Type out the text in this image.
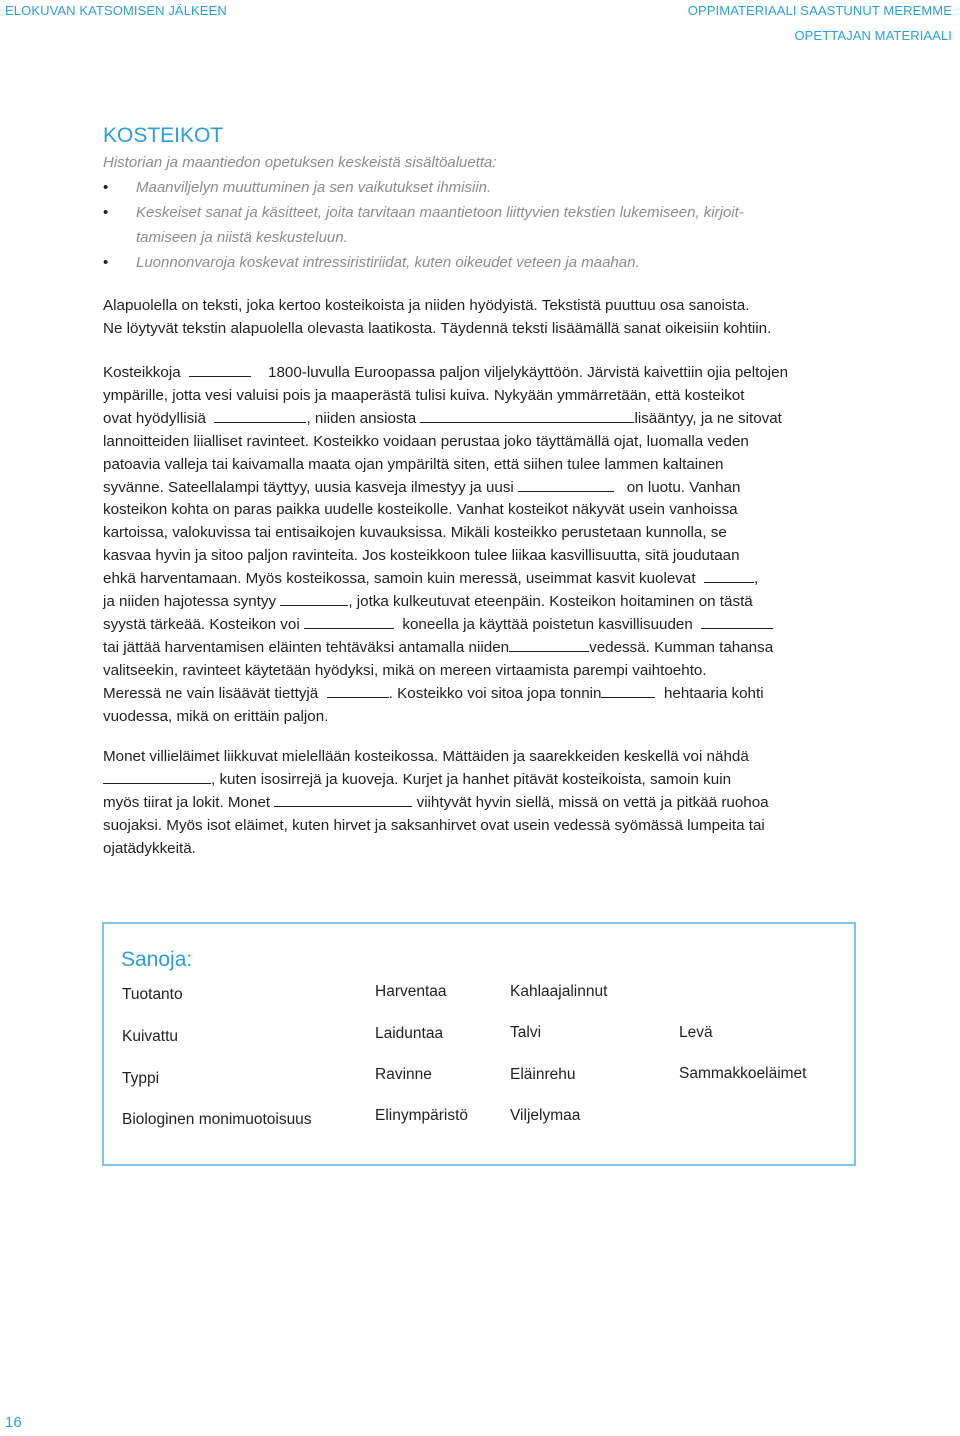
ELOKUVAN KATSOMISEN JÄLKEEN	OPPIMATERIAALI SAASTUNUT MEREMME
OPETTAJAN MATERIAALI
KOSTEIKOT
Historian ja maantiedon opetuksen keskeistä sisältöaluetta:
• Maanviljelyn muuttuminen ja sen vaikutukset ihmisiin.
• Keskeiset sanat ja käsitteet, joita tarvitaan maantietoon liittyvien tekstien lukemiseen, kirjoit-
tamiseen ja niistä keskusteluun.
• Luonnonvaroja koskevat intressiristiriidat, kuten oikeudet veteen ja maahan.
Alapuolella on teksti, joka kertoo kosteikoista ja niiden hyödyistä. Tekstistä puuttuu osa sanoista.
Ne löytyvät tekstin alapuolella olevasta laatikosta. Täydennä teksti lisäämällä sanat oikeisiin kohtiin.
Kosteikkoja	1800-luvulla Euroopassa paljon viljelykäyttöön. Järvistä kaivettiin ojia peltojen
ympärille, jotta vesi valuisi pois ja maaperästä tulisi kuiva. Nykyään ymmärretään, että kosteikot
ovat hyödyllisiä	, niiden ansiosta	lisääntyy, ja ne sitovat
lannoitteiden liialliset ravinteet. Kosteikko voidaan perustaa joko täyttämällä ojat, luomalla veden
patoavia valleja tai kaivamalla maata ojan ympäriltä siten, että siihen tulee lammen kaltainen
syvänne. Sateellalampi täyttyy, uusia kasveja ilmestyy ja uusi	on luotu. Vanhan
kosteikon kohta on paras paikka uudelle kosteikolle. Vanhat kosteikot näkyvät usein vanhoissa
kartoissa, valokuvissa tai entisaikojen kuvauksissa. Mikäli kosteikko perustetaan kunnolla, se
kasvaa hyvin ja sitoo paljon ravinteita. Jos kosteikkoon tulee liikaa kasvillisuutta, sitä joudutaan
ehkä harventamaan. Myös kosteikossa, samoin kuin meressä, useimmat kasvit kuolevat	,
ja niiden hajotessa syntyy	, jotka kulkeutuvat eteenpäin. Kosteikon hoitaminen on tästä
syystä tärkeää. Kosteikon voi	koneella ja käyttää poistetun kasvillisuuden
tai jättää harventamisen eläinten tehtäväksi antamalla niiden	vedessä. Kumman tahansa
valitseekin, ravinteet käytetään hyödyksi, mikä on mereen virtaamista parempi vaihtoehto.
Meressä ne vain lisäävät tiettyjä	. Kosteikko voi sitoa jopa tonnin	hehtaaria kohti
vuodessa, mikä on erittäin paljon.
Monet villieläimet liikkuvat mielellään kosteikossa. Mättäiden ja saarekkeiden keskellä voi nähdä
, kuten isosirrejä ja kuoveja. Kurjet ja hanhet pitävät kosteikoista, samoin kuin
myös tiirat ja lokit. Monet	viihtyvät hyvin siellä, missä on vettä ja pitkää ruohoa
suojaksi. Myös isot eläimet, kuten hirvet ja saksanhirvet ovat usein vedessä syömässä lumpeita tai
ojatädykkeitä.
Sanoja:
Tuotanto	Harventaa	Kahlaajalinnut
Kuivattu	Laiduntaa	Talvi	Levä
Typpi	Ravinne	Eläinrehu	Sammakkoeläimet
Biologinen monimuotoisuus	Elinympäristö	Viljelymaa
16
